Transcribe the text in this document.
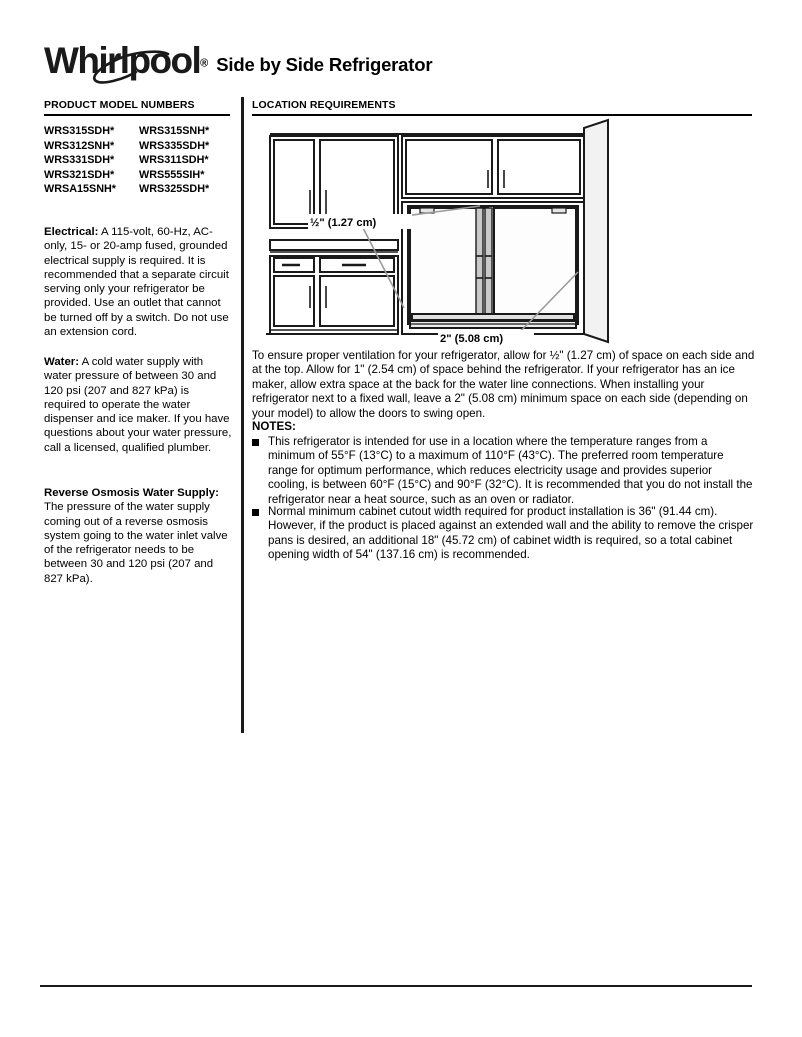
Whirlpool® Side by Side Refrigerator
PRODUCT MODEL NUMBERS	LOCATION REQUIREMENTS
WRS315SDH*	WRS315SNH*
WRS312SNH*	WRS335SDH*
WRS331SDH*	WRS311SDH*
WRS321SDH*	WRS555SIH*
WRSA15SNH*	WRS325SDH*
Electrical: A 115-volt, 60-Hz, AC-only, 15- or 20-amp fused, grounded electrical supply is required. It is recommended that a separate circuit serving only your refrigerator be provided. Use an outlet that cannot be turned off by a switch. Do not use an extension cord.
Water: A cold water supply with water pressure of between 30 and 120 psi (207 and 827 kPa) is required to operate the water dispenser and ice maker. If you have questions about your water pressure, call a licensed, qualified plumber.
Reverse Osmosis Water Supply: The pressure of the water supply coming out of a reverse osmosis system going to the water inlet valve of the refrigerator needs to be between 30 and 120 psi (207 and 827 kPa).
½" (1.27 cm)
2" (5.08 cm)
To ensure proper ventilation for your refrigerator, allow for ½" (1.27 cm) of space on each side and at the top. Allow for 1" (2.54 cm) of space behind the refrigerator. If your refrigerator has an ice maker, allow extra space at the back for the water line connections. When installing your refrigerator next to a fixed wall, leave a 2" (5.08 cm) minimum space on each side (depending on your model) to allow the doors to swing open.
NOTES:
This refrigerator is intended for use in a location where the temperature ranges from a minimum of 55°F (13°C) to a maximum of 110°F (43°C). The preferred room temperature range for optimum performance, which reduces electricity usage and provides superior cooling, is between 60°F (15°C) and 90°F (32°C). It is recommended that you do not install the refrigerator near a heat source, such as an oven or radiator.
Normal minimum cabinet cutout width required for product installation is 36" (91.44 cm). However, if the product is placed against an extended wall and the ability to remove the crisper pans is desired, an additional 18" (45.72 cm) of cabinet width is required, so a total cabinet opening width of 54" (137.16 cm) is recommended.
